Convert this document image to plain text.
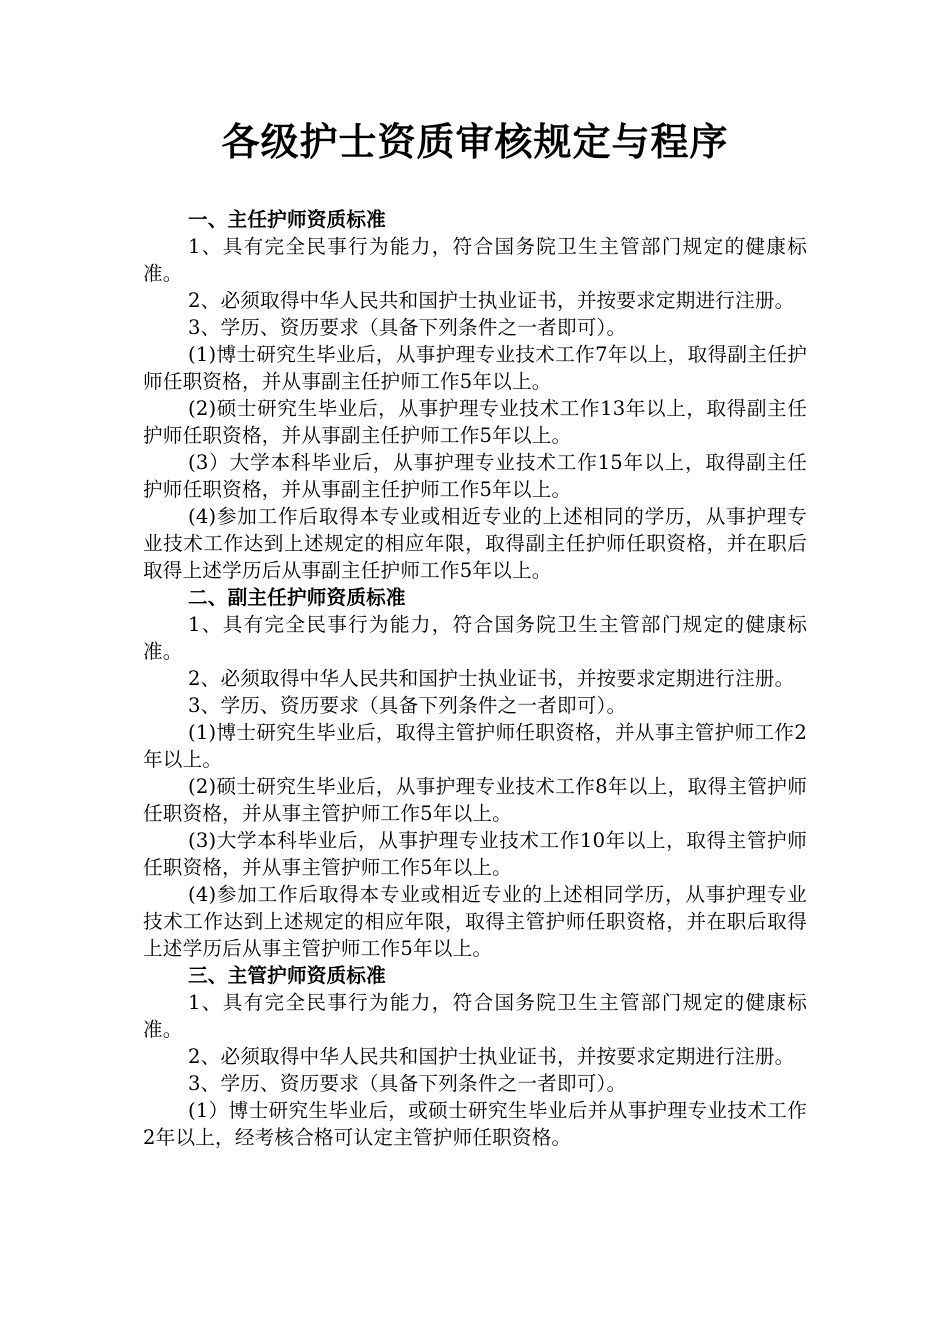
各级护士资质审核规定与程序

一、主任护师资质标准

1、具有完全民事行为能力，符合国务院卫生主管部门规定的健康标准。

2、必须取得中华人民共和国护士执业证书，并按要求定期进行注册。

3、学历、资历要求（具备下列条件之一者即可）。

(1)博士研究生毕业后，从事护理专业技术工作7年以上，取得副主任护师任职资格，并从事副主任护师工作5年以上。

(2)硕士研究生毕业后，从事护理专业技术工作13年以上，取得副主任护师任职资格，并从事副主任护师工作5年以上。

(3）大学本科毕业后，从事护理专业技术工作15年以上，取得副主任护师任职资格，并从事副主任护师工作5年以上。

(4)参加工作后取得本专业或相近专业的上述相同的学历，从事护理专业技术工作达到上述规定的相应年限，取得副主任护师任职资格，并在职后取得上述学历后从事副主任护师工作5年以上。

二、副主任护师资质标准

1、具有完全民事行为能力，符合国务院卫生主管部门规定的健康标准。

2、必须取得中华人民共和国护士执业证书，并按要求定期进行注册。

3、学历、资历要求（具备下列条件之一者即可）。

(1)博士研究生毕业后，取得主管护师任职资格，并从事主管护师工作2年以上。

(2)硕士研究生毕业后，从事护理专业技术工作8年以上，取得主管护师任职资格，并从事主管护师工作5年以上。

(3)大学本科毕业后，从事护理专业技术工作10年以上，取得主管护师任职资格，并从事主管护师工作5年以上。

(4)参加工作后取得本专业或相近专业的上述相同学历，从事护理专业技术工作达到上述规定的相应年限，取得主管护师任职资格，并在职后取得上述学历后从事主管护师工作5年以上。

三、主管护师资质标准

1、具有完全民事行为能力，符合国务院卫生主管部门规定的健康标准。

2、必须取得中华人民共和国护士执业证书，并按要求定期进行注册。

3、学历、资历要求（具备下列条件之一者即可）。

(1）博士研究生毕业后，或硕士研究生毕业后并从事护理专业技术工作2年以上，经考核合格可认定主管护师任职资格。
